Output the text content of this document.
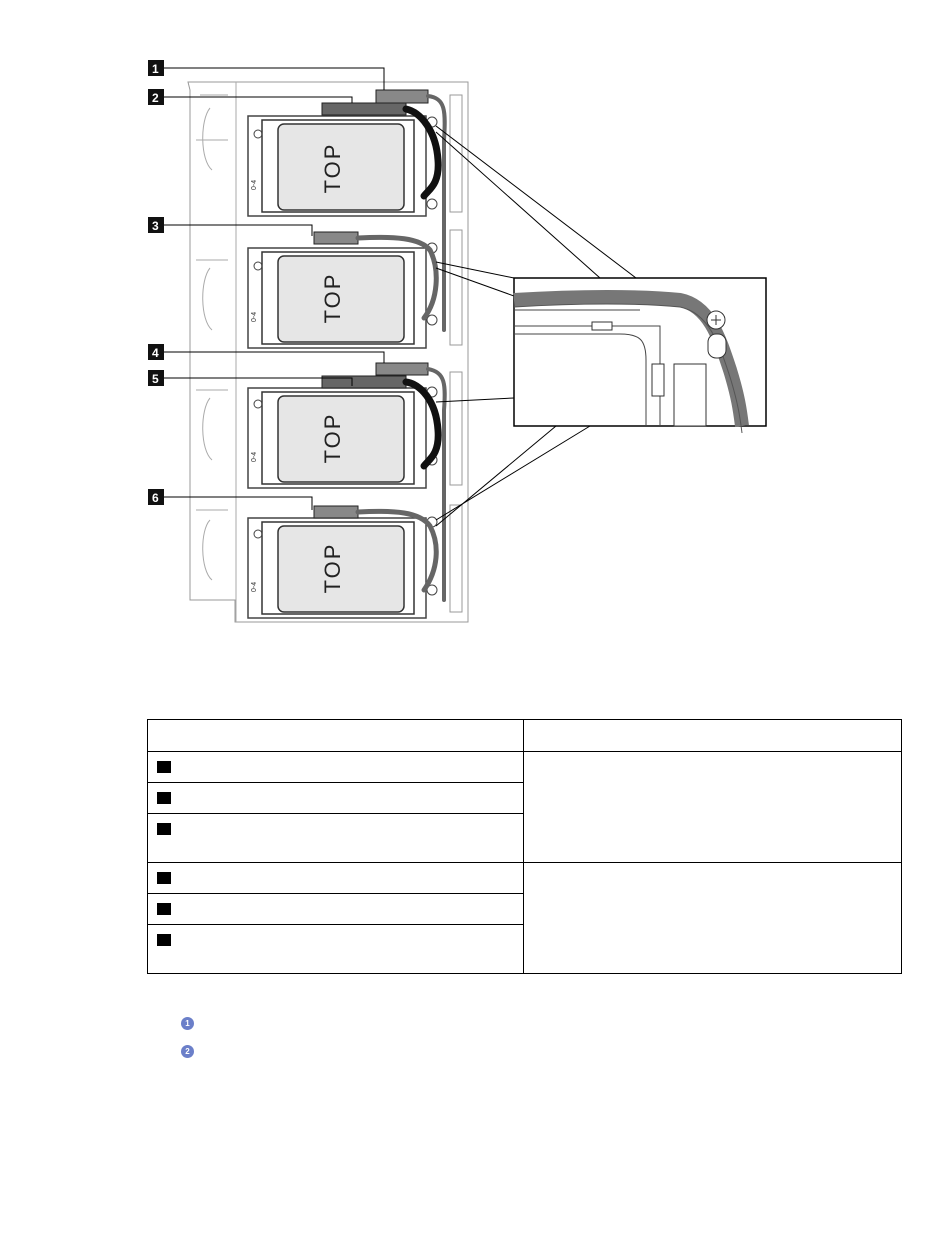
TOP
0-4
TOP
0-4
TOP
0-4
TOP
0-4
1
2
3
4
5
6

1
2
